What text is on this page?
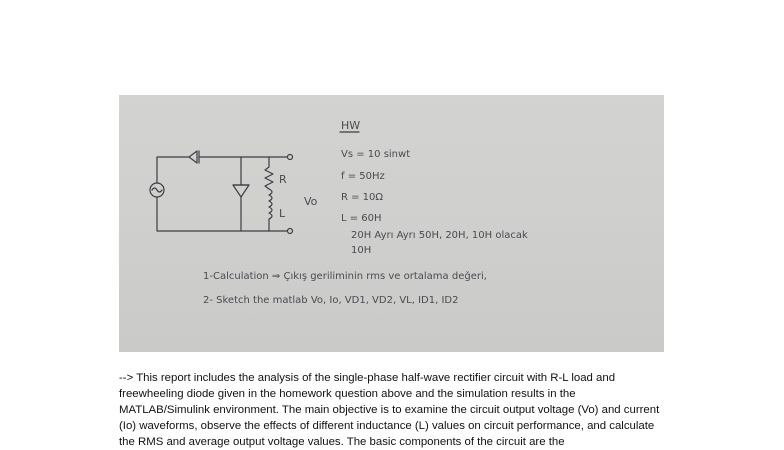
R
L
Vo
HW
Vs = 10 sinwt
f = 50Hz
R = 10Ω
L = 60H
20H Ayrı Ayrı 50H, 20H, 10H olacak
10H
1-Calculation ⇒ Çıkış geriliminin rms ve ortalama değeri,
2- Sketch the matlab Vo, Io, VD1, VD2, VL, ID1, ID2

--> This report includes the analysis of the single-phase half-wave rectifier circuit with R-L load and freewheeling diode given in the homework question above and the simulation results in the MATLAB/Simulink environment. The main objective is to examine the circuit output voltage (Vo) and current (Io) waveforms, observe the effects of different inductance (L) values on circuit performance, and calculate the RMS and average output voltage values. The basic components of the circuit are the
